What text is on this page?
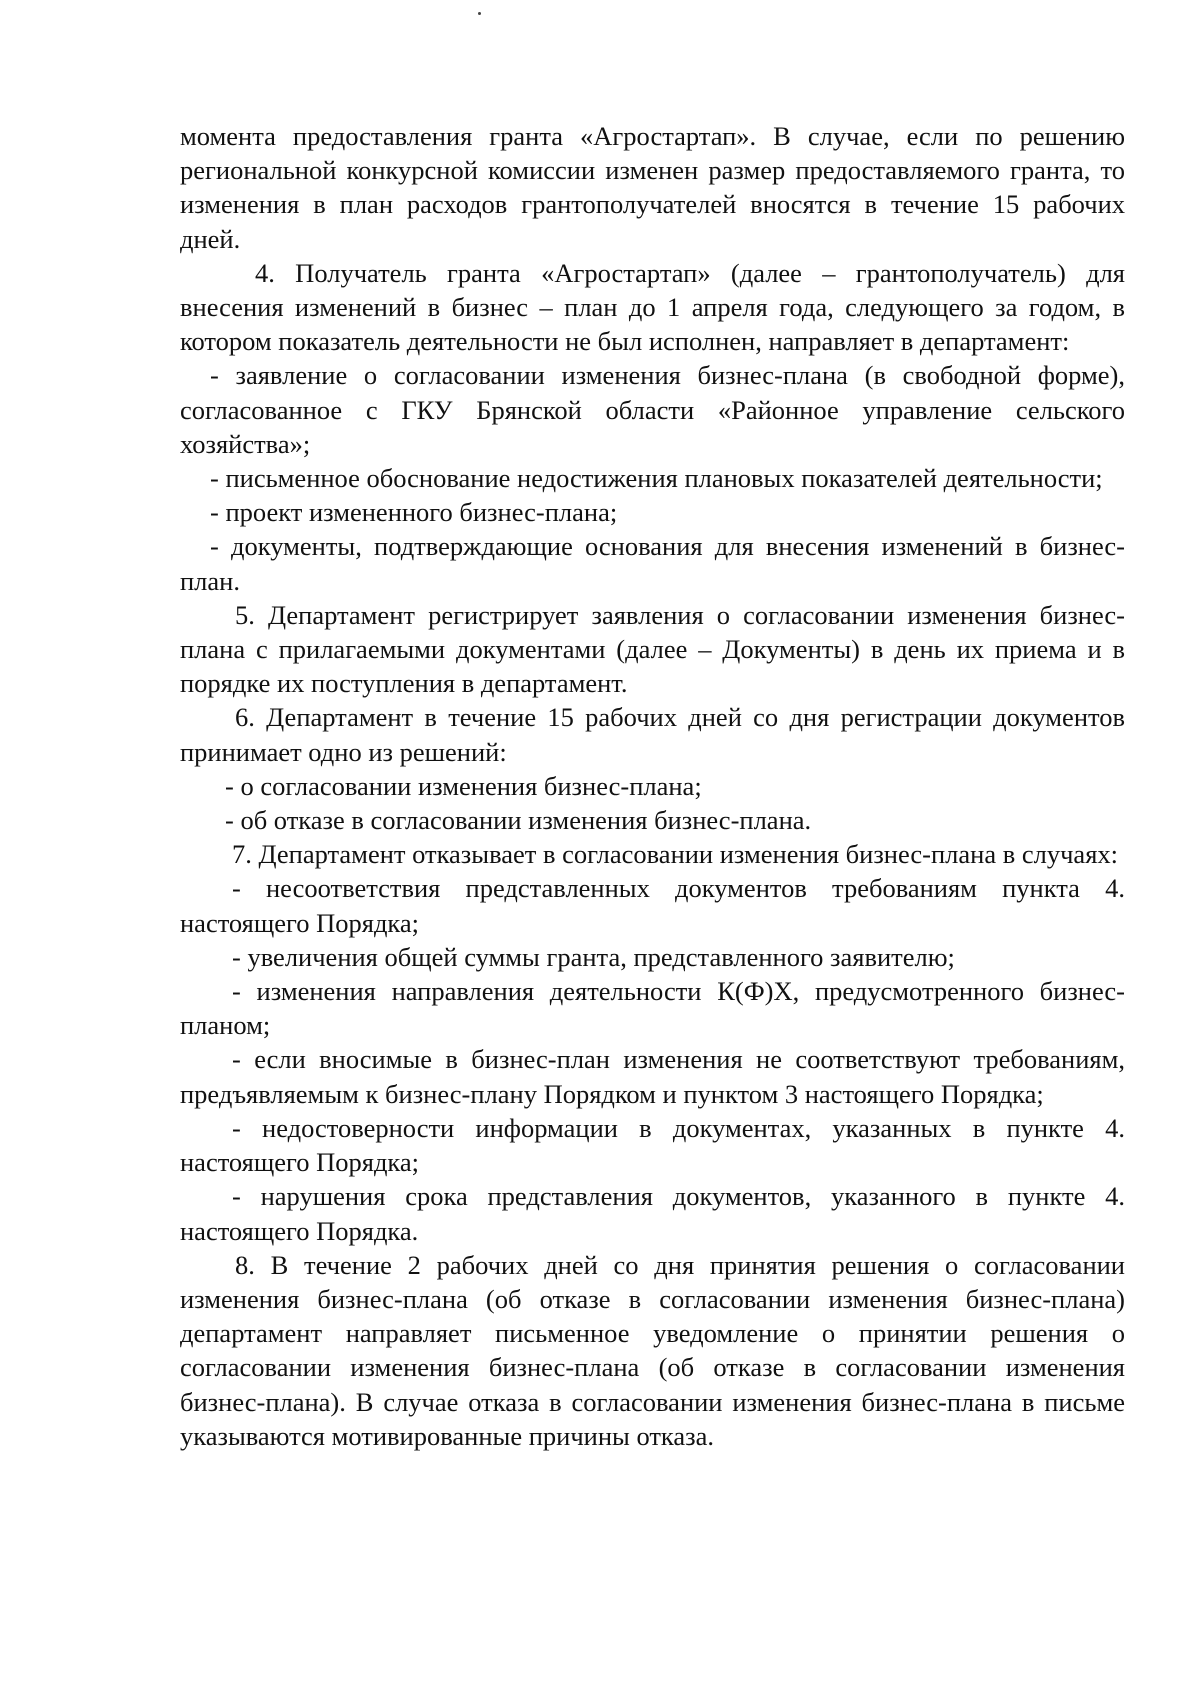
момента предоставления гранта «Агростартап». В случае, если по решению региональной конкурсной комиссии изменен размер предоставляемого гранта, то изменения в план расходов грантополучателей вносятся в течение 15 рабочих дней.

4. Получатель гранта «Агростартап» (далее – грантополучатель) для внесения изменений в бизнес – план до 1 апреля года, следующего за годом, в котором показатель деятельности не был исполнен, направляет в департамент:

- заявление о согласовании изменения бизнес-плана (в свободной форме), согласованное с ГКУ Брянской области «Районное управление сельского хозяйства»;

- письменное обоснование недостижения плановых показателей деятельности;

- проект измененного бизнес-плана;

- документы, подтверждающие основания для внесения изменений в бизнес-план.

5. Департамент регистрирует заявления о согласовании изменения бизнес-плана с прилагаемыми документами (далее – Документы) в день их приема и в порядке их поступления в департамент.

6. Департамент в течение 15 рабочих дней со дня регистрации документов принимает одно из решений:

- о согласовании изменения бизнес-плана;

- об отказе в согласовании изменения бизнес-плана.

7. Департамент отказывает в согласовании изменения бизнес-плана в случаях:

- несоответствия представленных документов требованиям пункта 4. настоящего Порядка;

- увеличения общей суммы гранта, представленного заявителю;

- изменения направления деятельности К(Ф)Х, предусмотренного бизнес-планом;

- если вносимые в бизнес-план изменения не соответствуют требованиям, предъявляемым к бизнес-плану Порядком и пунктом 3 настоящего Порядка;

- недостоверности информации в документах, указанных в пункте 4. настоящего Порядка;

- нарушения срока представления документов, указанного в пункте 4. настоящего Порядка.

8. В течение 2 рабочих дней со дня принятия решения о согласовании изменения бизнес-плана (об отказе в согласовании изменения бизнес-плана) департамент направляет письменное уведомление о принятии решения о согласовании изменения бизнес-плана (об отказе в согласовании изменения бизнес-плана). В случае отказа в согласовании изменения бизнес-плана в письме указываются мотивированные причины отказа.
